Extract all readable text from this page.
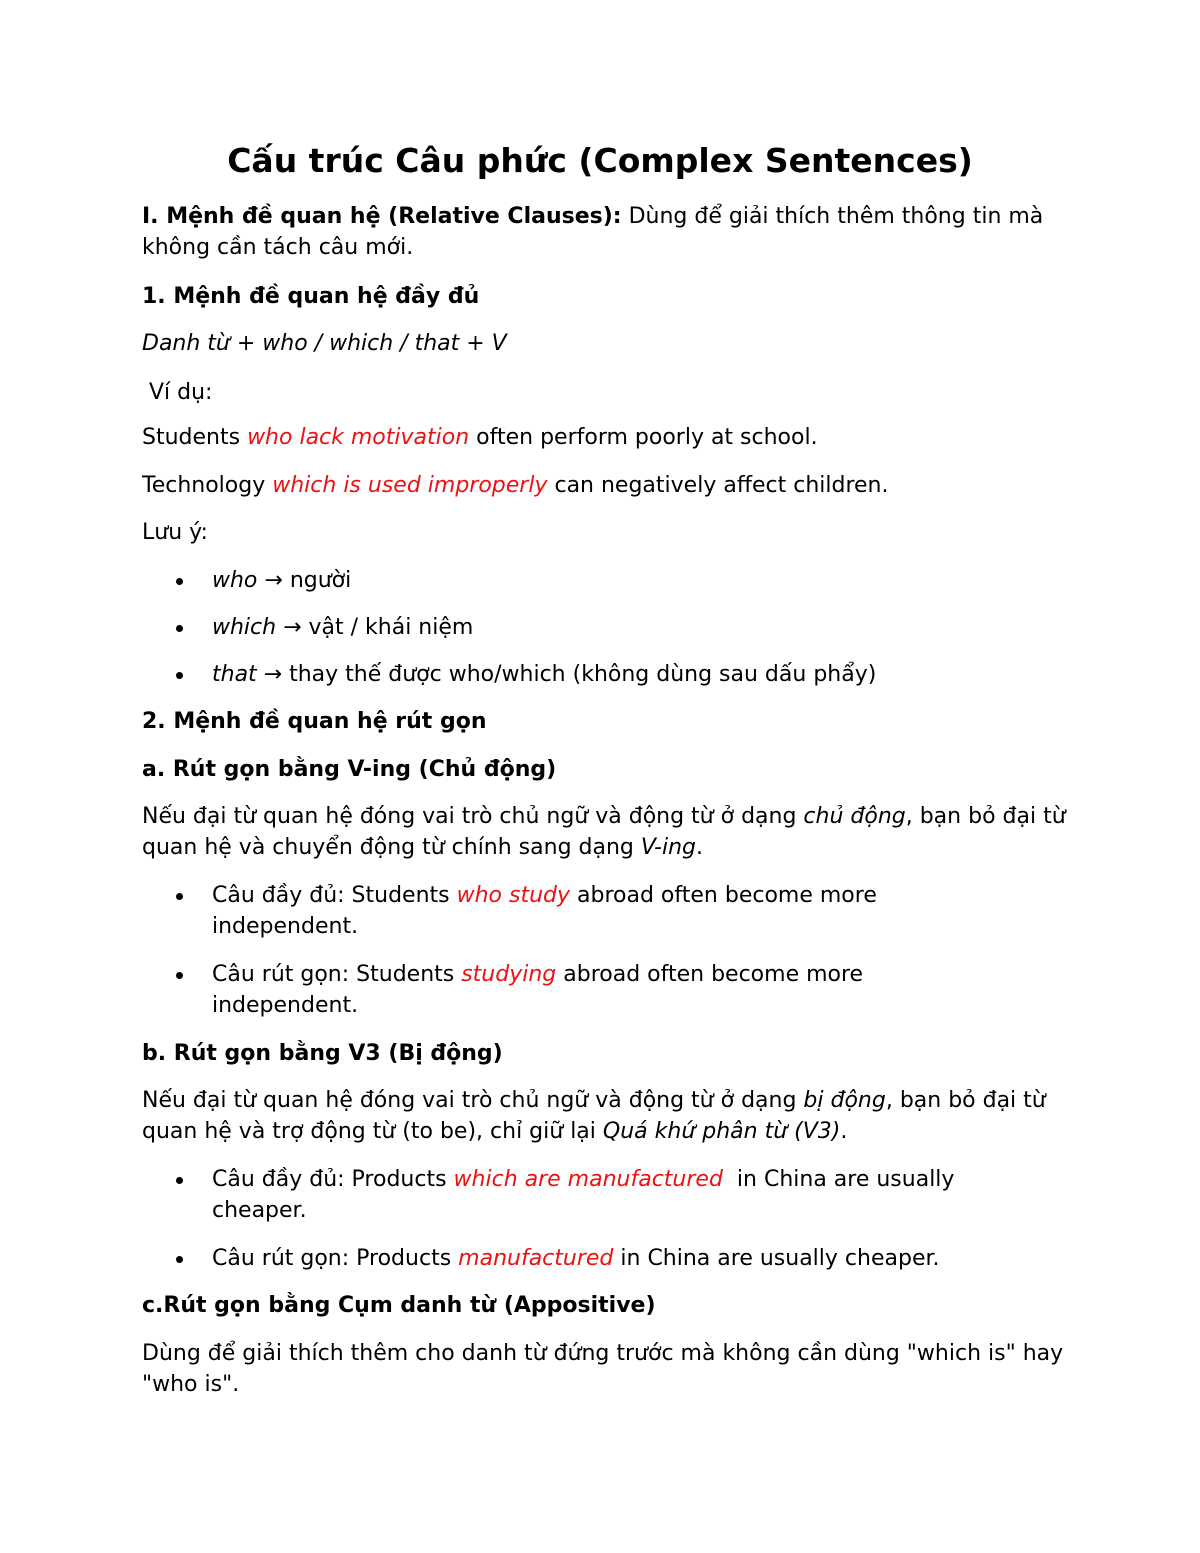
Cấu trúc Câu phức (Complex Sentences)

I. Mệnh đề quan hệ (Relative Clauses): Dùng để giải thích thêm thông tin mà không cần tách câu mới.

1. Mệnh đề quan hệ đầy đủ

Danh từ + who / which / that + V

Ví dụ:

Students who lack motivation often perform poorly at school.

Technology which is used improperly can negatively affect children.

Lưu ý:

who → người
which → vật / khái niệm
that → thay thế được who/which (không dùng sau dấu phẩy)

2. Mệnh đề quan hệ rút gọn

a. Rút gọn bằng V-ing (Chủ động)

Nếu đại từ quan hệ đóng vai trò chủ ngữ và động từ ở dạng chủ động, bạn bỏ đại từ quan hệ và chuyển động từ chính sang dạng V-ing.

Câu đầy đủ: Students who study abroad often become more independent.
Câu rút gọn: Students studying abroad often become more independent.

b. Rút gọn bằng V3 (Bị động)

Nếu đại từ quan hệ đóng vai trò chủ ngữ và động từ ở dạng bị động, bạn bỏ đại từ quan hệ và trợ động từ (to be), chỉ giữ lại Quá khứ phân từ (V3).

Câu đầy đủ: Products which are manufactured  in China are usually cheaper.
Câu rút gọn: Products manufactured in China are usually cheaper.

c.Rút gọn bằng Cụm danh từ (Appositive)

Dùng để giải thích thêm cho danh từ đứng trước mà không cần dùng "which is" hay "who is".
